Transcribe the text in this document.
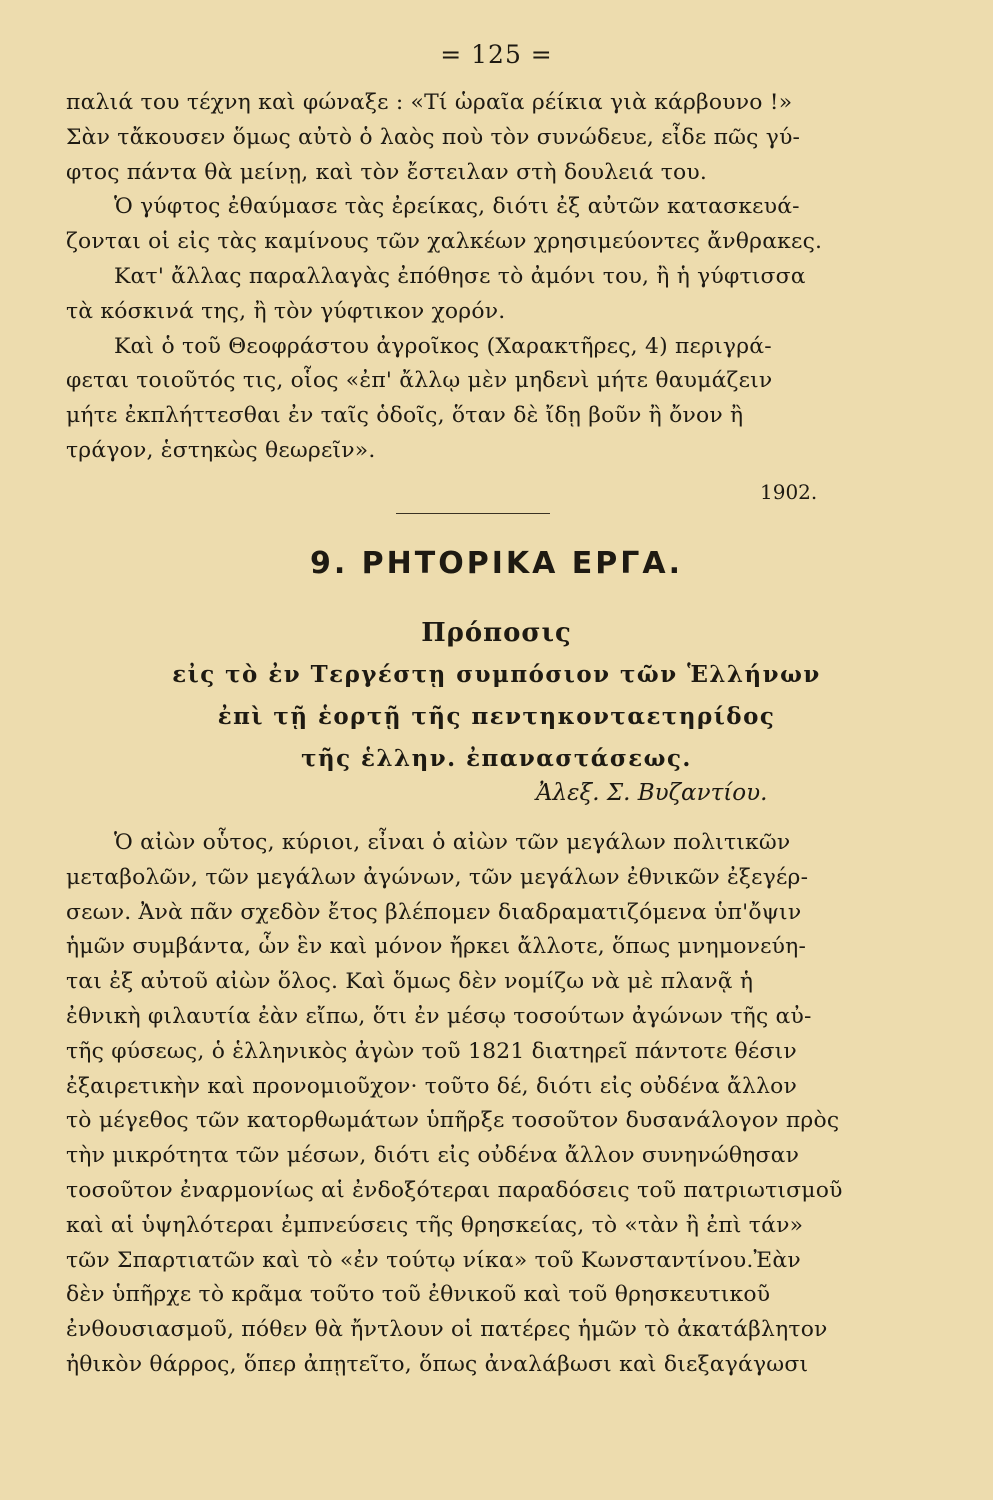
= 125 =
παλιά του τέχνη καὶ φώναξε : «Τί ὡραῖα ρέίκια γιὰ κάρβουνο !»
Σὰν τἄκουσεν ὅμως αὐτὸ ὁ λαὸς ποὺ τὸν συνώδευε, εἶδε πῶς γύ-
φτος πάντα θὰ μείνῃ, καὶ τὸν ἔστειλαν στὴ δουλειά του.
Ὁ γύφτος ἐθαύμασε τὰς ἐρείκας, διότι ἐξ αὐτῶν κατασκευά-
ζονται οἱ εἰς τὰς καμίνους τῶν χαλκέων χρησιμεύοντες ἄνθρακες.
Κατ' ἄλλας παραλλαγὰς ἐπόθησε τὸ ἀμόνι του, ἢ ἡ γύφτισσα
τὰ κόσκινά της, ἢ τὸν γύφτικον χορόν.
Καὶ ὁ τοῦ Θεοφράστου ἀγροῖκος (Χαρακτῆρες, 4) περιγρά-
φεται τοιοῦτός τις, οἷος «ἐπ' ἄλλῳ μὲν μηδενὶ μήτε θαυμάζειν
μήτε ἐκπλήττεσθαι ἐν ταῖς ὁδοῖς, ὅταν δὲ ἴδῃ βοῦν ἢ ὄνον ἢ
τράγον, ἑστηκὼς θεωρεῖν».
1902.
9. ΡΗΤΟΡΙΚΑ ΕΡΓΑ.
Πρόποσις
εἰς τὸ ἐν Τεργέστῃ συμπόσιον τῶν Ἑλλήνων
ἐπὶ τῇ ἑορτῇ τῆς πεντηκονταετηρίδος
τῆς ἑλλην. ἐπαναστάσεως.
Ἀλεξ. Σ. Βυζαντίου.
Ὁ αἰὼν οὗτος, κύριοι, εἶναι ὁ αἰὼν τῶν μεγάλων πολιτικῶν
μεταβολῶν, τῶν μεγάλων ἀγώνων, τῶν μεγάλων ἐθνικῶν ἐξεγέρ-
σεων. Ἀνὰ πᾶν σχεδὸν ἔτος βλέπομεν διαδραματιζόμενα ὑπ'ὄψιν
ἡμῶν συμβάντα, ὧν ἓν καὶ μόνον ἤρκει ἄλλοτε, ὅπως μνημονεύη-
ται ἐξ αὐτοῦ αἰὼν ὅλος. Καὶ ὅμως δὲν νομίζω νὰ μὲ πλανᾷ ἡ
ἐθνικὴ φιλαυτία ἐὰν εἴπω, ὅτι ἐν μέσῳ τοσούτων ἀγώνων τῆς αὐ-
τῆς φύσεως, ὁ ἑλληνικὸς ἀγὼν τοῦ 1821 διατηρεῖ πάντοτε θέσιν
ἐξαιρετικὴν καὶ προνομιοῦχον· τοῦτο δέ, διότι εἰς οὐδένα ἄλλον
τὸ μέγεθος τῶν κατορθωμάτων ὑπῆρξε τοσοῦτον δυσανάλογον πρὸς
τὴν μικρότητα τῶν μέσων, διότι εἰς οὐδένα ἄλλον συνηνώθησαν
τοσοῦτον ἐναρμονίως αἱ ἐνδοξότεραι παραδόσεις τοῦ πατριωτισμοῦ
καὶ αἱ ὑψηλότεραι ἐμπνεύσεις τῆς θρησκείας, τὸ «τὰν ἢ ἐπὶ τάν»
τῶν Σπαρτιατῶν καὶ τὸ «ἐν τούτῳ νίκα» τοῦ Κωνσταντίνου.Ἐὰν
δὲν ὑπῆρχε τὸ κρᾶμα τοῦτο τοῦ ἐθνικοῦ καὶ τοῦ θρησκευτικοῦ
ἐνθουσιασμοῦ, πόθεν θὰ ἤντλουν οἱ πατέρες ἡμῶν τὸ ἀκατάβλητον
ἠθικὸν θάρρος, ὅπερ ἀπῃτεῖτο, ὅπως ἀναλάβωσι καὶ διεξαγάγωσι
